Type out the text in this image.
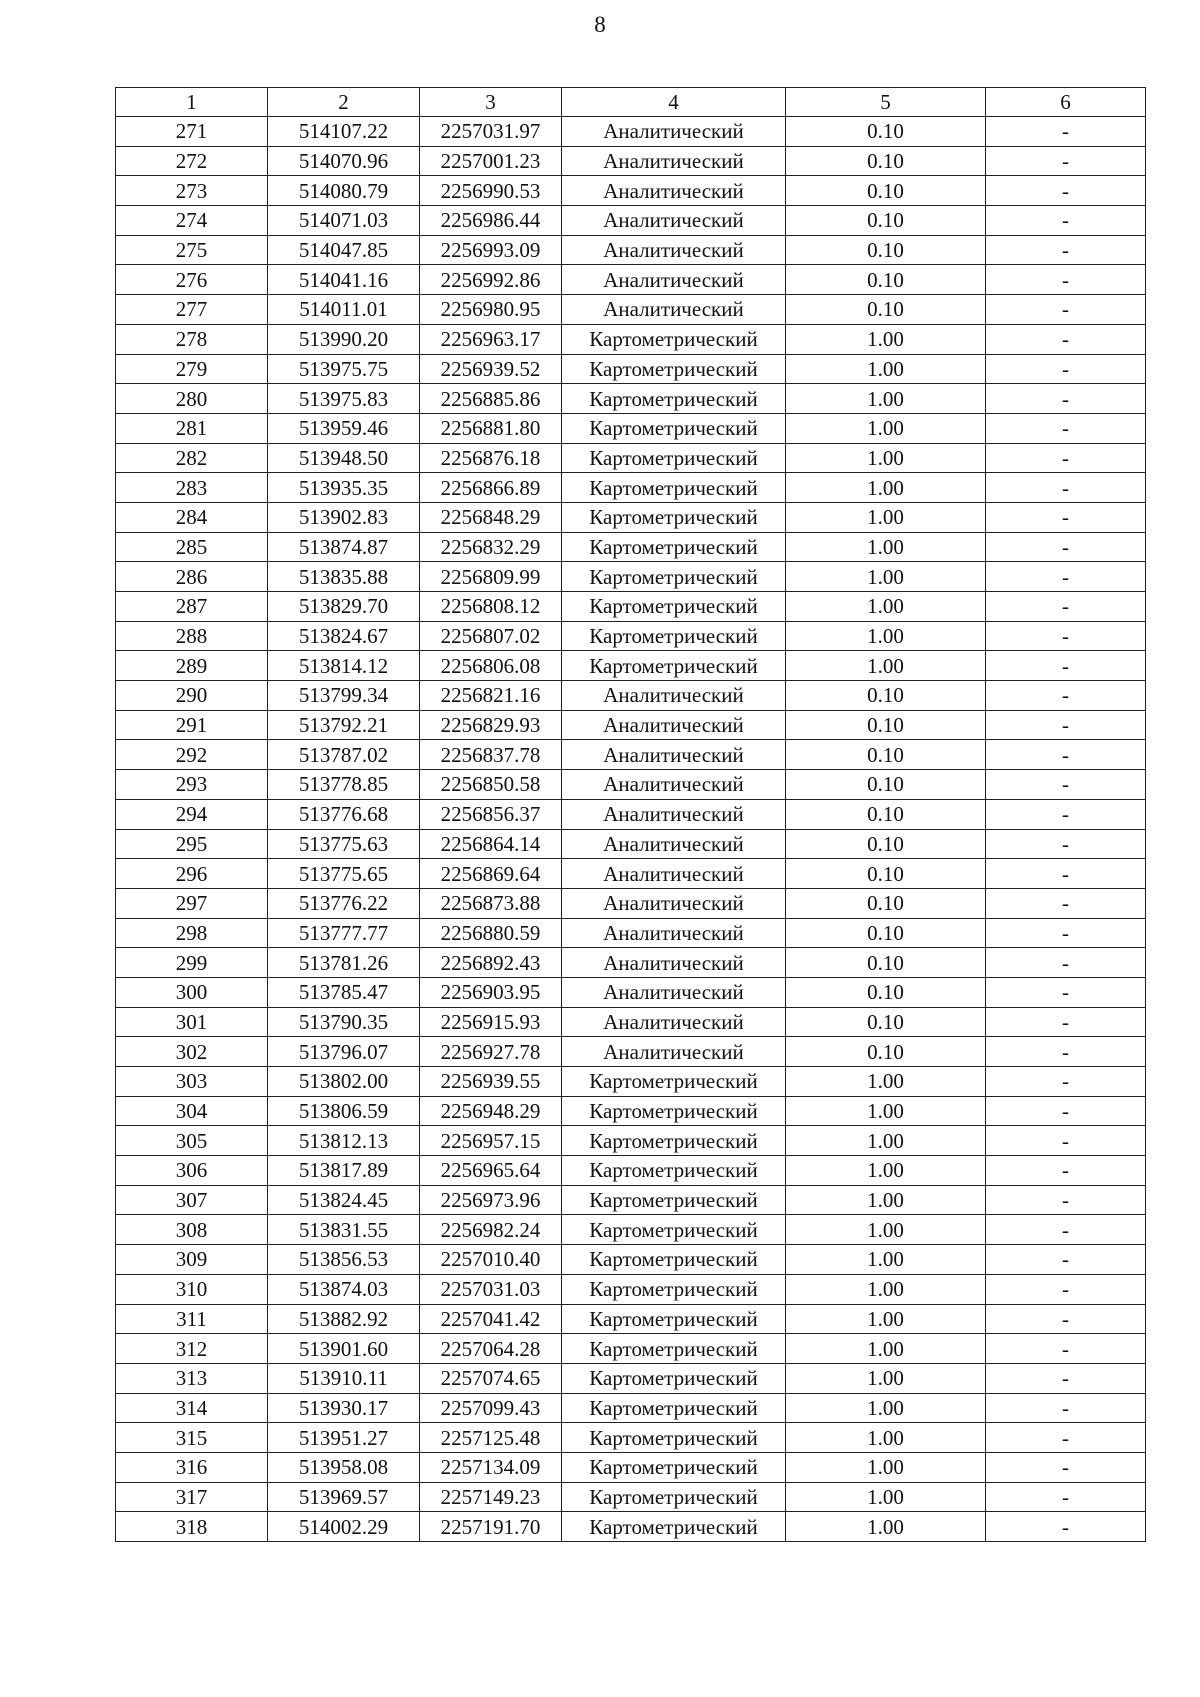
8
1	2	3	4	5	6
271	514107.22	2257031.97	Аналитический	0.10	-
272	514070.96	2257001.23	Аналитический	0.10	-
273	514080.79	2256990.53	Аналитический	0.10	-
274	514071.03	2256986.44	Аналитический	0.10	-
275	514047.85	2256993.09	Аналитический	0.10	-
276	514041.16	2256992.86	Аналитический	0.10	-
277	514011.01	2256980.95	Аналитический	0.10	-
278	513990.20	2256963.17	Картометрический	1.00	-
279	513975.75	2256939.52	Картометрический	1.00	-
280	513975.83	2256885.86	Картометрический	1.00	-
281	513959.46	2256881.80	Картометрический	1.00	-
282	513948.50	2256876.18	Картометрический	1.00	-
283	513935.35	2256866.89	Картометрический	1.00	-
284	513902.83	2256848.29	Картометрический	1.00	-
285	513874.87	2256832.29	Картометрический	1.00	-
286	513835.88	2256809.99	Картометрический	1.00	-
287	513829.70	2256808.12	Картометрический	1.00	-
288	513824.67	2256807.02	Картометрический	1.00	-
289	513814.12	2256806.08	Картометрический	1.00	-
290	513799.34	2256821.16	Аналитический	0.10	-
291	513792.21	2256829.93	Аналитический	0.10	-
292	513787.02	2256837.78	Аналитический	0.10	-
293	513778.85	2256850.58	Аналитический	0.10	-
294	513776.68	2256856.37	Аналитический	0.10	-
295	513775.63	2256864.14	Аналитический	0.10	-
296	513775.65	2256869.64	Аналитический	0.10	-
297	513776.22	2256873.88	Аналитический	0.10	-
298	513777.77	2256880.59	Аналитический	0.10	-
299	513781.26	2256892.43	Аналитический	0.10	-
300	513785.47	2256903.95	Аналитический	0.10	-
301	513790.35	2256915.93	Аналитический	0.10	-
302	513796.07	2256927.78	Аналитический	0.10	-
303	513802.00	2256939.55	Картометрический	1.00	-
304	513806.59	2256948.29	Картометрический	1.00	-
305	513812.13	2256957.15	Картометрический	1.00	-
306	513817.89	2256965.64	Картометрический	1.00	-
307	513824.45	2256973.96	Картометрический	1.00	-
308	513831.55	2256982.24	Картометрический	1.00	-
309	513856.53	2257010.40	Картометрический	1.00	-
310	513874.03	2257031.03	Картометрический	1.00	-
311	513882.92	2257041.42	Картометрический	1.00	-
312	513901.60	2257064.28	Картометрический	1.00	-
313	513910.11	2257074.65	Картометрический	1.00	-
314	513930.17	2257099.43	Картометрический	1.00	-
315	513951.27	2257125.48	Картометрический	1.00	-
316	513958.08	2257134.09	Картометрический	1.00	-
317	513969.57	2257149.23	Картометрический	1.00	-
318	514002.29	2257191.70	Картометрический	1.00	-
